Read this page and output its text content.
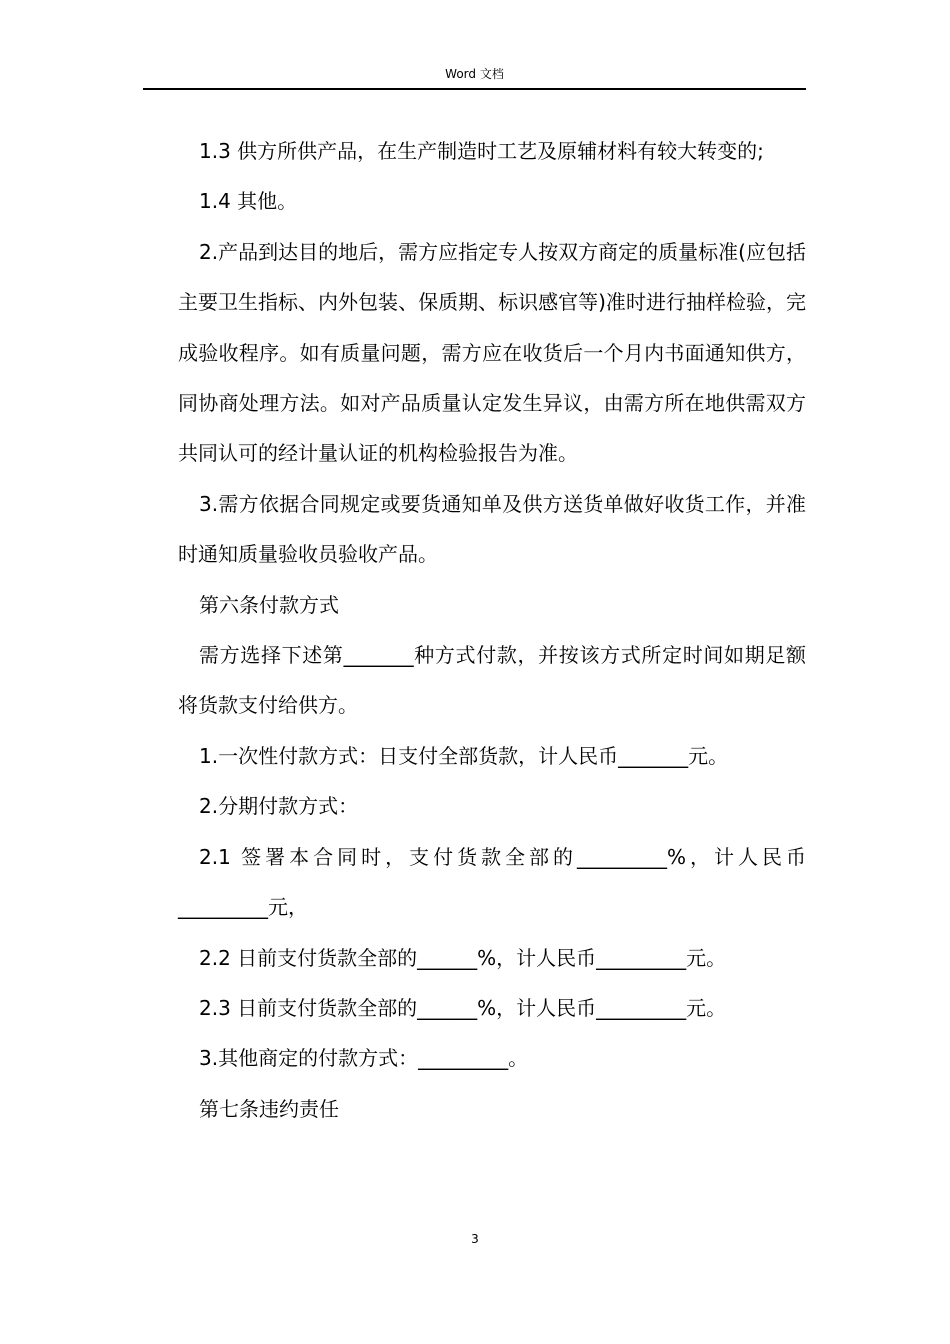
Word 文档

1.3 供方所供产品，在生产制造时工艺及原辅材料有较大转变的;

1.4 其他。

2.产品到达目的地后，需方应指定专人按双方商定的质量标准(应包括主要卫生指标、内外包装、保质期、标识感官等)准时进行抽样检验，完成验收程序。如有质量问题，需方应在收货后一个月内书面通知供方，同协商处理方法。如对产品质量认定发生异议，由需方所在地供需双方共同认可的经计量认证的机构检验报告为准。

3.需方依据合同规定或要货通知单及供方送货单做好收货工作，并准时通知质量验收员验收产品。

第六条付款方式

需方选择下述第_______种方式付款，并按该方式所定时间如期足额将货款支付给供方。

1.一次性付款方式：日支付全部货款，计人民币_______元。

2.分期付款方式：

2.1 签署本合同时，支付货款全部的_________%，计人民币_________元，

2.2 日前支付货款全部的______%，计人民币_________元。

2.3 日前支付货款全部的______%，计人民币_________元。

3.其他商定的付款方式：_________。

第七条违约责任

3
